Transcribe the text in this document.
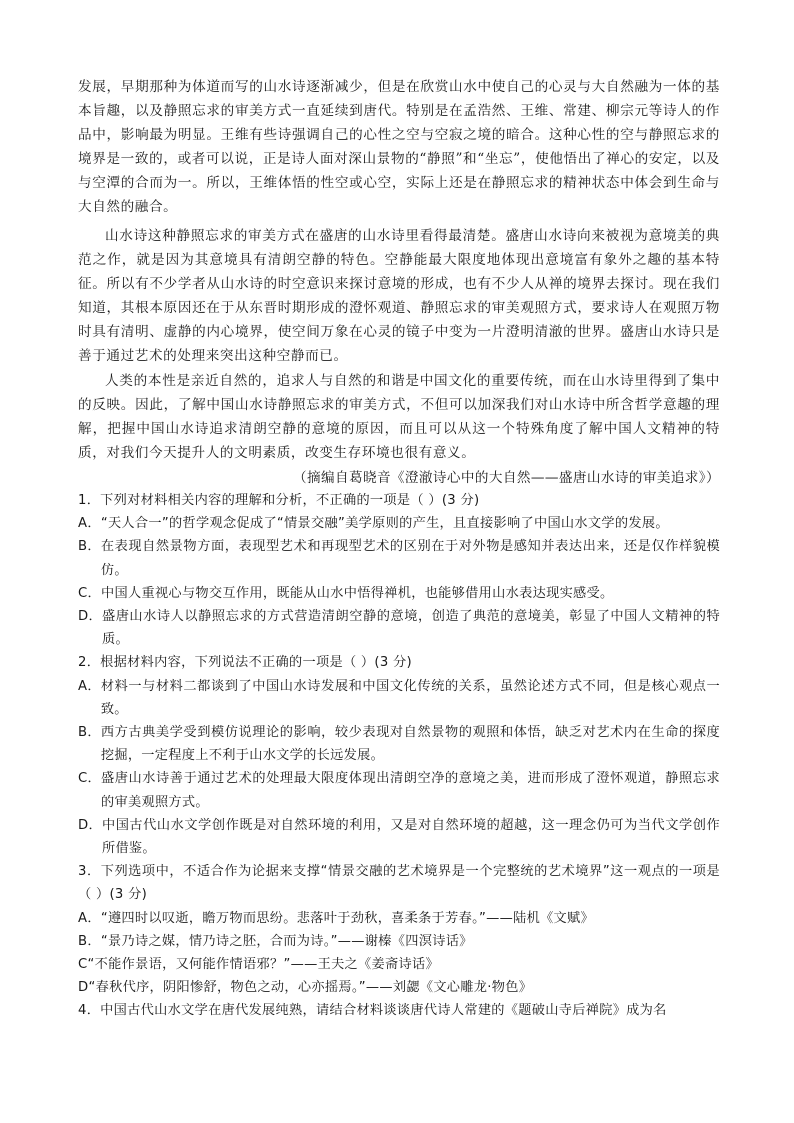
发展，早期那种为体道而写的山水诗逐渐减少，但是在欣赏山水中使自己的心灵与大自然融为一体的基本旨趣，以及静照忘求的审美方式一直延续到唐代。特别是在孟浩然、王维、常建、柳宗元等诗人的作品中，影响最为明显。王维有些诗强调自己的心性之空与空寂之境的暗合。这种心性的空与静照忘求的境界是一致的，或者可以说，正是诗人面对深山景物的“静照”和“坐忘”，使他悟出了禅心的安定，以及与空潭的合而为一。所以，王维体悟的性空或心空，实际上还是在静照忘求的精神状态中体会到生命与大自然的融合。
山水诗这种静照忘求的审美方式在盛唐的山水诗里看得最清楚。盛唐山水诗向来被视为意境美的典范之作，就是因为其意境具有清朗空静的特色。空静能最大限度地体现出意境富有象外之趣的基本特征。所以有不少学者从山水诗的时空意识来探讨意境的形成，也有不少人从禅的境界去探讨。现在我们知道，其根本原因还在于从东晋时期形成的澄怀观道、静照忘求的审美观照方式，要求诗人在观照万物时具有清明、虚静的内心境界，使空间万象在心灵的镜子中变为一片澄明清澈的世界。盛唐山水诗只是善于通过艺术的处理来突出这种空静而已。
人类的本性是亲近自然的，追求人与自然的和谐是中国文化的重要传统，而在山水诗里得到了集中的反映。因此，了解中国山水诗静照忘求的审美方式，不但可以加深我们对山水诗中所含哲学意趣的理解，把握中国山水诗追求清朗空静的意境的原因，而且可以从这一个特殊角度了解中国人文精神的特质，对我们今天提升人的文明素质，改变生存环境也很有意义。
（摘编自葛晓音《澄澈诗心中的大自然——盛唐山水诗的审美追求》）

1．下列对材料相关内容的理解和分析，不正确的一项是（ ）(3 分)

A． “天人合一”的哲学观念促成了“情景交融”美学原则的产生，且直接影响了中国山水文学的发展。

B． 在表现自然景物方面，表现型艺术和再现型艺术的区别在于对外物是感知并表达出来，还是仅作样貌模仿。

C． 中国人重视心与物交互作用，既能从山水中悟得禅机，也能够借用山水表达现实感受。

D． 盛唐山水诗人以静照忘求的方式营造清朗空静的意境，创造了典范的意境美，彰显了中国人文精神的特质。

2．根据材料内容，下列说法不正确的一项是（ ）(3 分)

A． 材料一与材料二都谈到了中国山水诗发展和中国文化传统的关系，虽然论述方式不同，但是核心观点一致。

B． 西方古典美学受到模仿说理论的影响，较少表现对自然景物的观照和体悟，缺乏对艺术内在生命的探度挖掘，一定程度上不利于山水文学的长远发展。

C． 盛唐山水诗善于通过艺术的处理最大限度体现出清朗空净的意境之美，进而形成了澄怀观道，静照忘求的审美观照方式。

D． 中国古代山水文学创作既是对自然环境的利用，又是对自然环境的超越，这一理念仍可为当代文学创作所借鉴。

3．下列选项中，不适合作为论据来支撑“情景交融的艺术境界是一个完整统的艺术境界”这一观点的一项是（ ）(3 分)

A． “遵四时以叹逝，瞻万物而思纷。悲落叶于劲秋，喜柔条于芳春。”——陆机《文赋》

B． “景乃诗之媒，情乃诗之胚，合而为诗。”——谢榛《四溟诗话》

C “不能作景语，又何能作情语邪？”——王夫之《姜斋诗话》

D “春秋代序，阴阳惨舒，物色之动，心亦摇焉。”——刘勰《文心雕龙·物色》

4．中国古代山水文学在唐代发展纯熟，请结合材料谈谈唐代诗人常建的《题破山寺后禅院》成为名
